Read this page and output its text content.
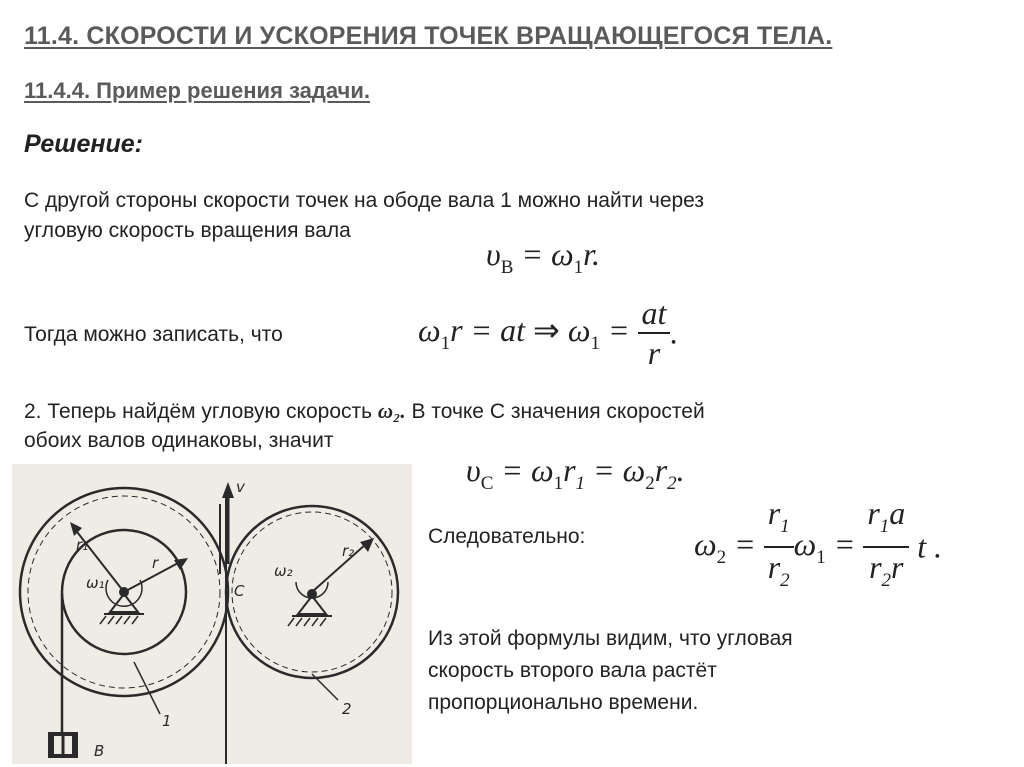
11.4. СКОРОСТИ И УСКОРЕНИЯ ТОЧЕК ВРАЩАЮЩЕГОСЯ ТЕЛА.
11.4.4. Пример решения задачи.
Решение:
С другой стороны скорости точек на ободе вала 1 можно найти через
угловую скорость вращения вала
$\upsilon_B = \omega_1r$.
Тогда можно записать, что	$\omega_1r$ = at ⇒ $\omega_1 = \frac{at}{r}$ .
2. Теперь найдём угловую скорость ω₂. В точке С значения скоростей
обоих валов одинаковы, значит
$\upsilon_C = \omega_1r_1 = \omega_2r_2$.
Следовательно:	$\omega_2 = \frac{r_1}{r_2} \omega_1 = \frac{r_1a}{r_2r}$ t .
Из этой формулы видим, что угловая
скорость второго вала растёт
пропорционально времени.
v
r₁
r
r₂
ω₁
ω₂
C
1
2
B
